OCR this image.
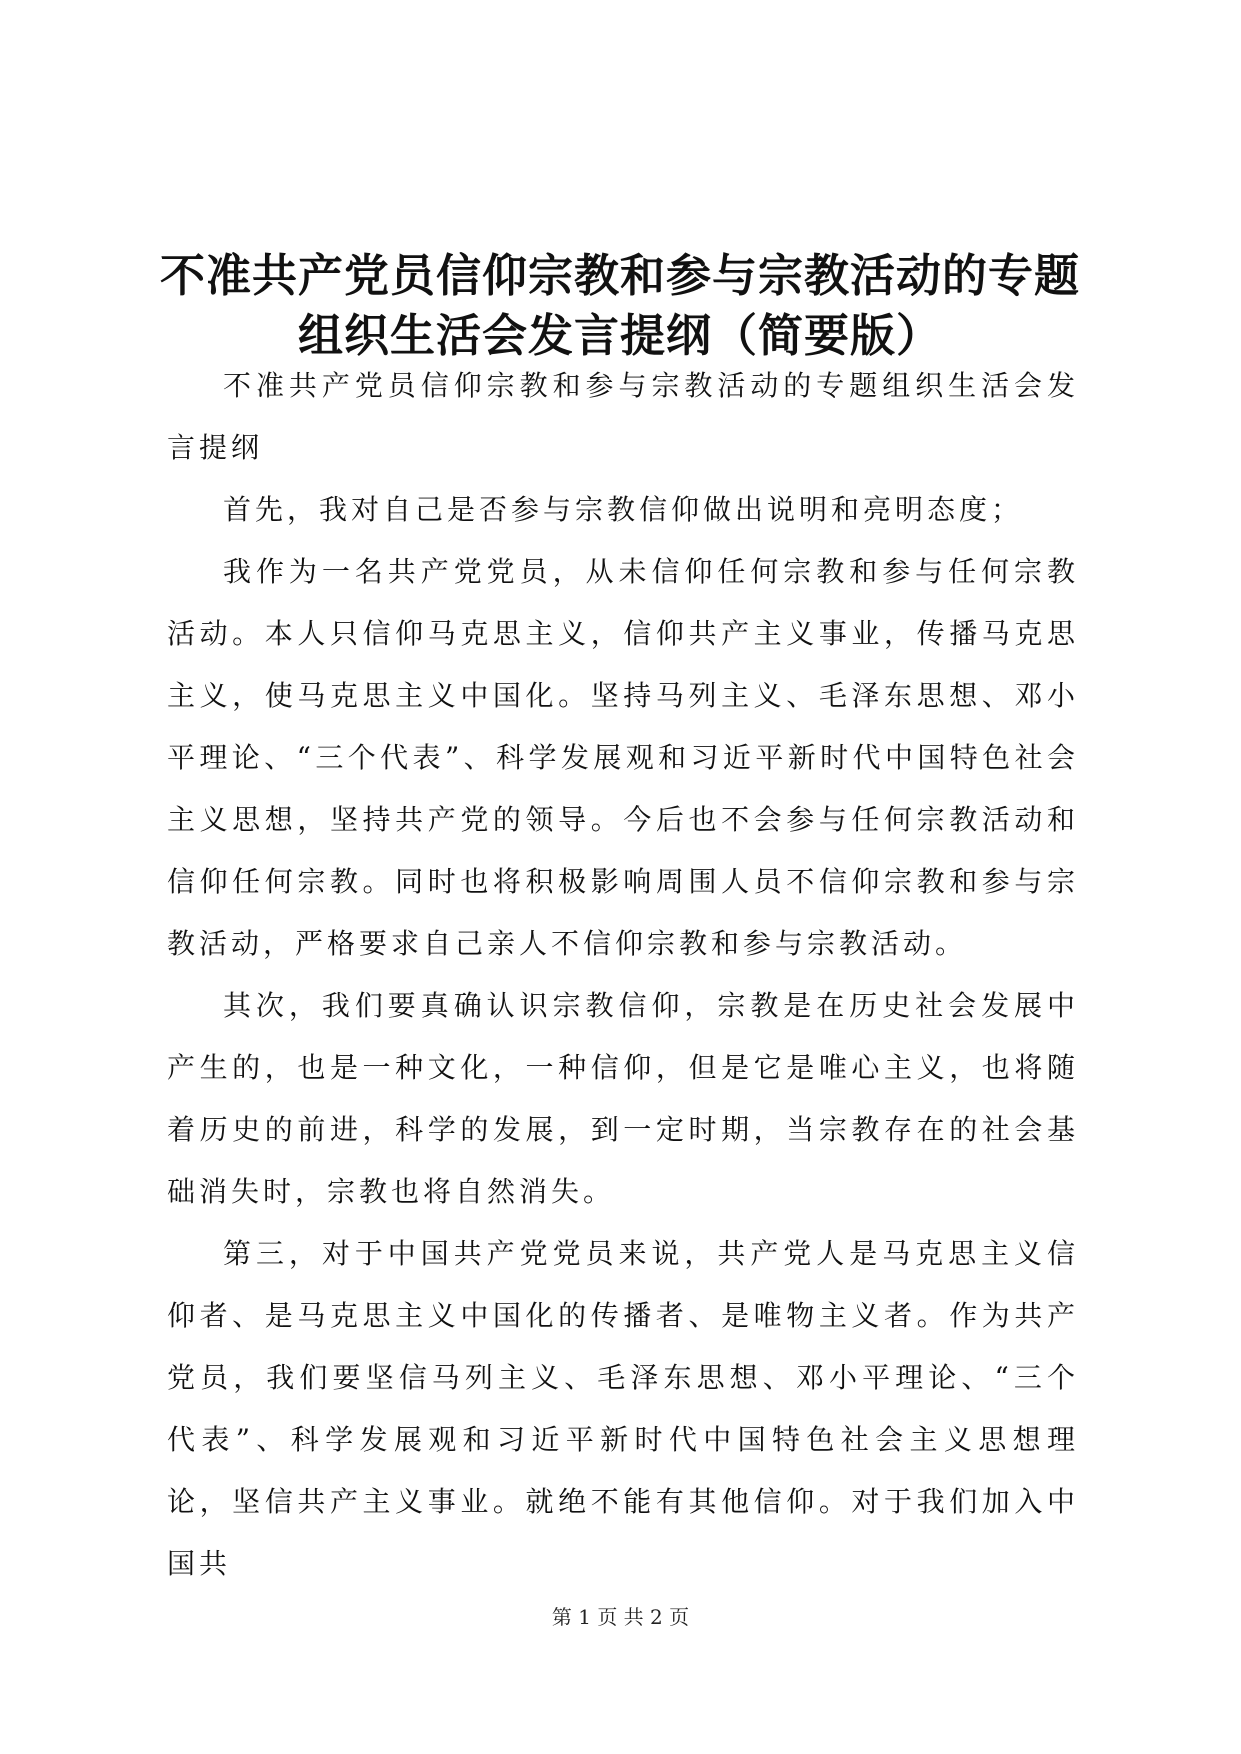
不准共产党员信仰宗教和参与宗教活动的专题
组织生活会发言提纲（简要版）

不准共产党员信仰宗教和参与宗教活动的专题组织生活会发言提纲

首先，我对自己是否参与宗教信仰做出说明和亮明态度；

我作为一名共产党党员，从未信仰任何宗教和参与任何宗教活动。本人只信仰马克思主义，信仰共产主义事业，传播马克思主义，使马克思主义中国化。坚持马列主义、毛泽东思想、邓小平理论、“三个代表”、科学发展观和习近平新时代中国特色社会主义思想，坚持共产党的领导。今后也不会参与任何宗教活动和信仰任何宗教。同时也将积极影响周围人员不信仰宗教和参与宗教活动，严格要求自己亲人不信仰宗教和参与宗教活动。

其次，我们要真确认识宗教信仰，宗教是在历史社会发展中产生的，也是一种文化，一种信仰，但是它是唯心主义，也将随着历史的前进，科学的发展，到一定时期，当宗教存在的社会基础消失时，宗教也将自然消失。

第三，对于中国共产党党员来说，共产党人是马克思主义信仰者、是马克思主义中国化的传播者、是唯物主义者。作为共产党员，我们要坚信马列主义、毛泽东思想、邓小平理论、“三个代表”、科学发展观和习近平新时代中国特色社会主义思想理论，坚信共产主义事业。就绝不能有其他信仰。对于我们加入中国共

第 1 页 共 2 页
